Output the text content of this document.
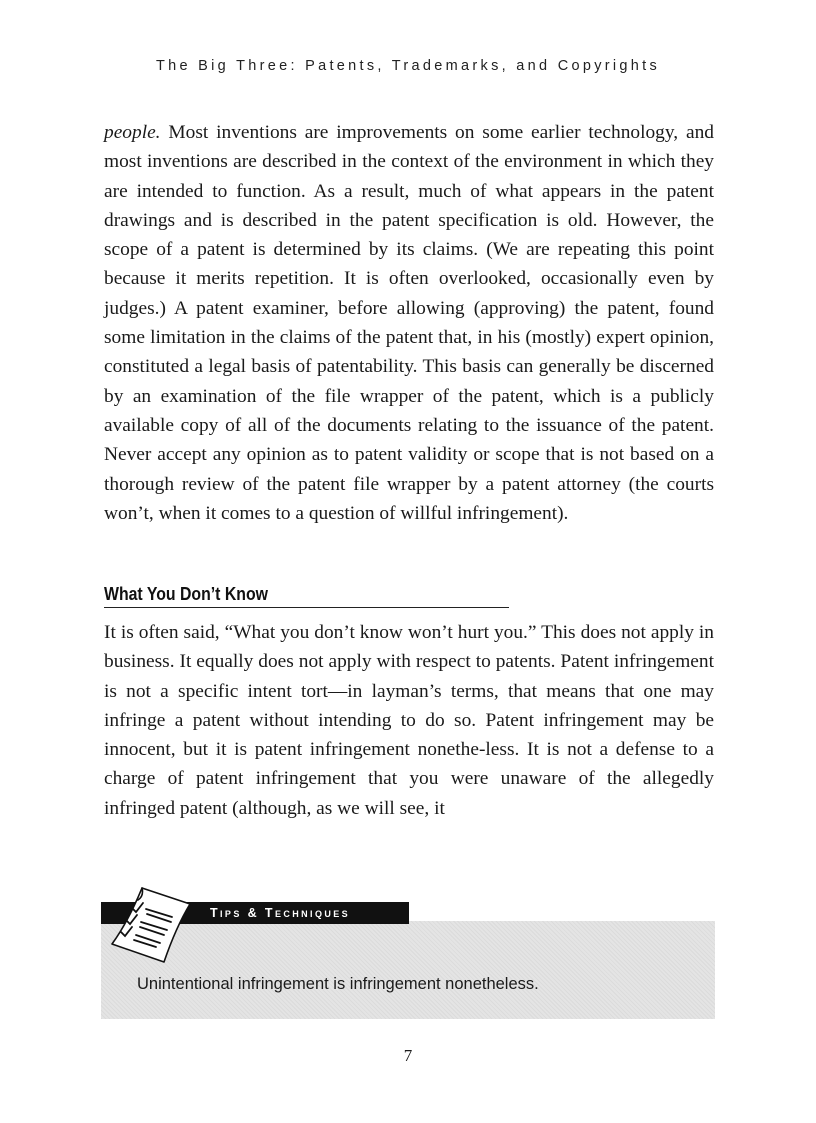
The Big Three: Patents, Trademarks, and Copyrights

people. Most inventions are improvements on some earlier technology, and most inventions are described in the context of the environment in which they are intended to function. As a result, much of what appears in the patent drawings and is described in the patent specification is old. However, the scope of a patent is determined by its claims. (We are repeating this point because it merits repetition. It is often overlooked, occasionally even by judges.) A patent examiner, before allowing (approving) the patent, found some limitation in the claims of the patent that, in his (mostly) expert opinion, constituted a legal basis of patentability. This basis can generally be discerned by an examination of the file wrapper of the patent, which is a publicly available copy of all of the documents relating to the issuance of the patent. Never accept any opinion as to patent validity or scope that is not based on a thorough review of the patent file wrapper by a patent attorney (the courts won’t, when it comes to a question of willful infringement).

What You Don’t Know

It is often said, “What you don’t know won’t hurt you.” This does not apply in business. It equally does not apply with respect to patents. Patent infringement is not a specific intent tort—in layman’s terms, that means that one may infringe a patent without intending to do so. Patent infringement may be innocent, but it is patent infringement nonethe-less. It is not a defense to a charge of patent infringement that you were unaware of the allegedly infringed patent (although, as we will see, it

Tips & Techniques
Unintentional infringement is infringement nonetheless.
7
